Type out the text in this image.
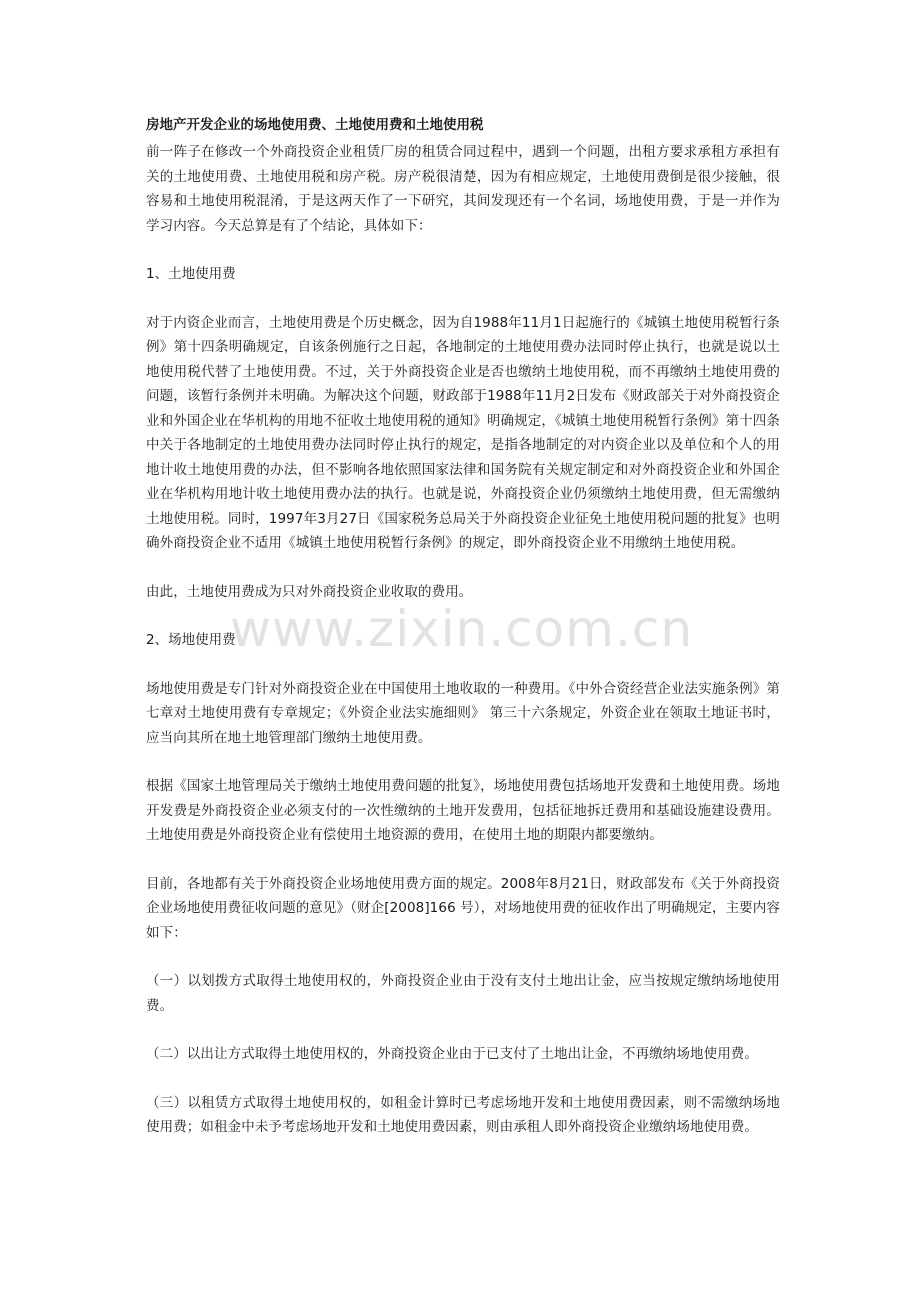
房地产开发企业的场地使用费、土地使用费和土地使用税

前一阵子在修改一个外商投资企业租赁厂房的租赁合同过程中，遇到一个问题，出租方要求承租方承担有关的土地使用费、土地使用税和房产税。房产税很清楚，因为有相应规定，土地使用费倒是很少接触，很容易和土地使用税混淆，于是这两天作了一下研究，其间发现还有一个名词，场地使用费，于是一并作为学习内容。今天总算是有了个结论，具体如下：

1、土地使用费

对于内资企业而言，土地使用费是个历史概念，因为自1988年11月1日起施行的《城镇土地使用税暂行条例》第十四条明确规定，自该条例施行之日起，各地制定的土地使用费办法同时停止执行，也就是说以土地使用税代替了土地使用费。不过，关于外商投资企业是否也缴纳土地使用税，而不再缴纳土地使用费的问题，该暂行条例并未明确。为解决这个问题，财政部于1988年11月2日发布《财政部关于对外商投资企业和外国企业在华机构的用地不征收土地使用税的通知》明确规定，《城镇土地使用税暂行条例》第十四条中关于各地制定的土地使用费办法同时停止执行的规定，是指各地制定的对内资企业以及单位和个人的用地计收土地使用费的办法，但不影响各地依照国家法律和国务院有关规定制定和对外商投资企业和外国企业在华机构用地计收土地使用费办法的执行。也就是说，外商投资企业仍须缴纳土地使用费，但无需缴纳土地使用税。同时，1997年3月27日《国家税务总局关于外商投资企业征免土地使用税问题的批复》也明确外商投资企业不适用《城镇土地使用税暂行条例》的规定，即外商投资企业不用缴纳土地使用税。

由此，土地使用费成为只对外商投资企业收取的费用。

2、场地使用费

场地使用费是专门针对外商投资企业在中国使用土地收取的一种费用。《中外合资经营企业法实施条例》第七章对土地使用费有专章规定；《外资企业法实施细则》 第三十六条规定，外资企业在领取土地证书时，应当向其所在地土地管理部门缴纳土地使用费。

根据《国家土地管理局关于缴纳土地使用费问题的批复》，场地使用费包括场地开发费和土地使用费。场地开发费是外商投资企业必须支付的一次性缴纳的土地开发费用，包括征地拆迁费用和基础设施建设费用。土地使用费是外商投资企业有偿使用土地资源的费用，在使用土地的期限内都要缴纳。

目前，各地都有关于外商投资企业场地使用费方面的规定。2008年8月21日，财政部发布《关于外商投资企业场地使用费征收问题的意见》（财企[2008]166 号），对场地使用费的征收作出了明确规定，主要内容如下：

（一）以划拨方式取得土地使用权的，外商投资企业由于没有支付土地出让金，应当按规定缴纳场地使用费。

（二）以出让方式取得土地使用权的，外商投资企业由于已支付了土地出让金，不再缴纳场地使用费。

（三）以租赁方式取得土地使用权的，如租金计算时已考虑场地开发和土地使用费因素，则不需缴纳场地使用费；如租金中未予考虑场地开发和土地使用费因素，则由承租人即外商投资企业缴纳场地使用费。

www.zixin.com.cn
